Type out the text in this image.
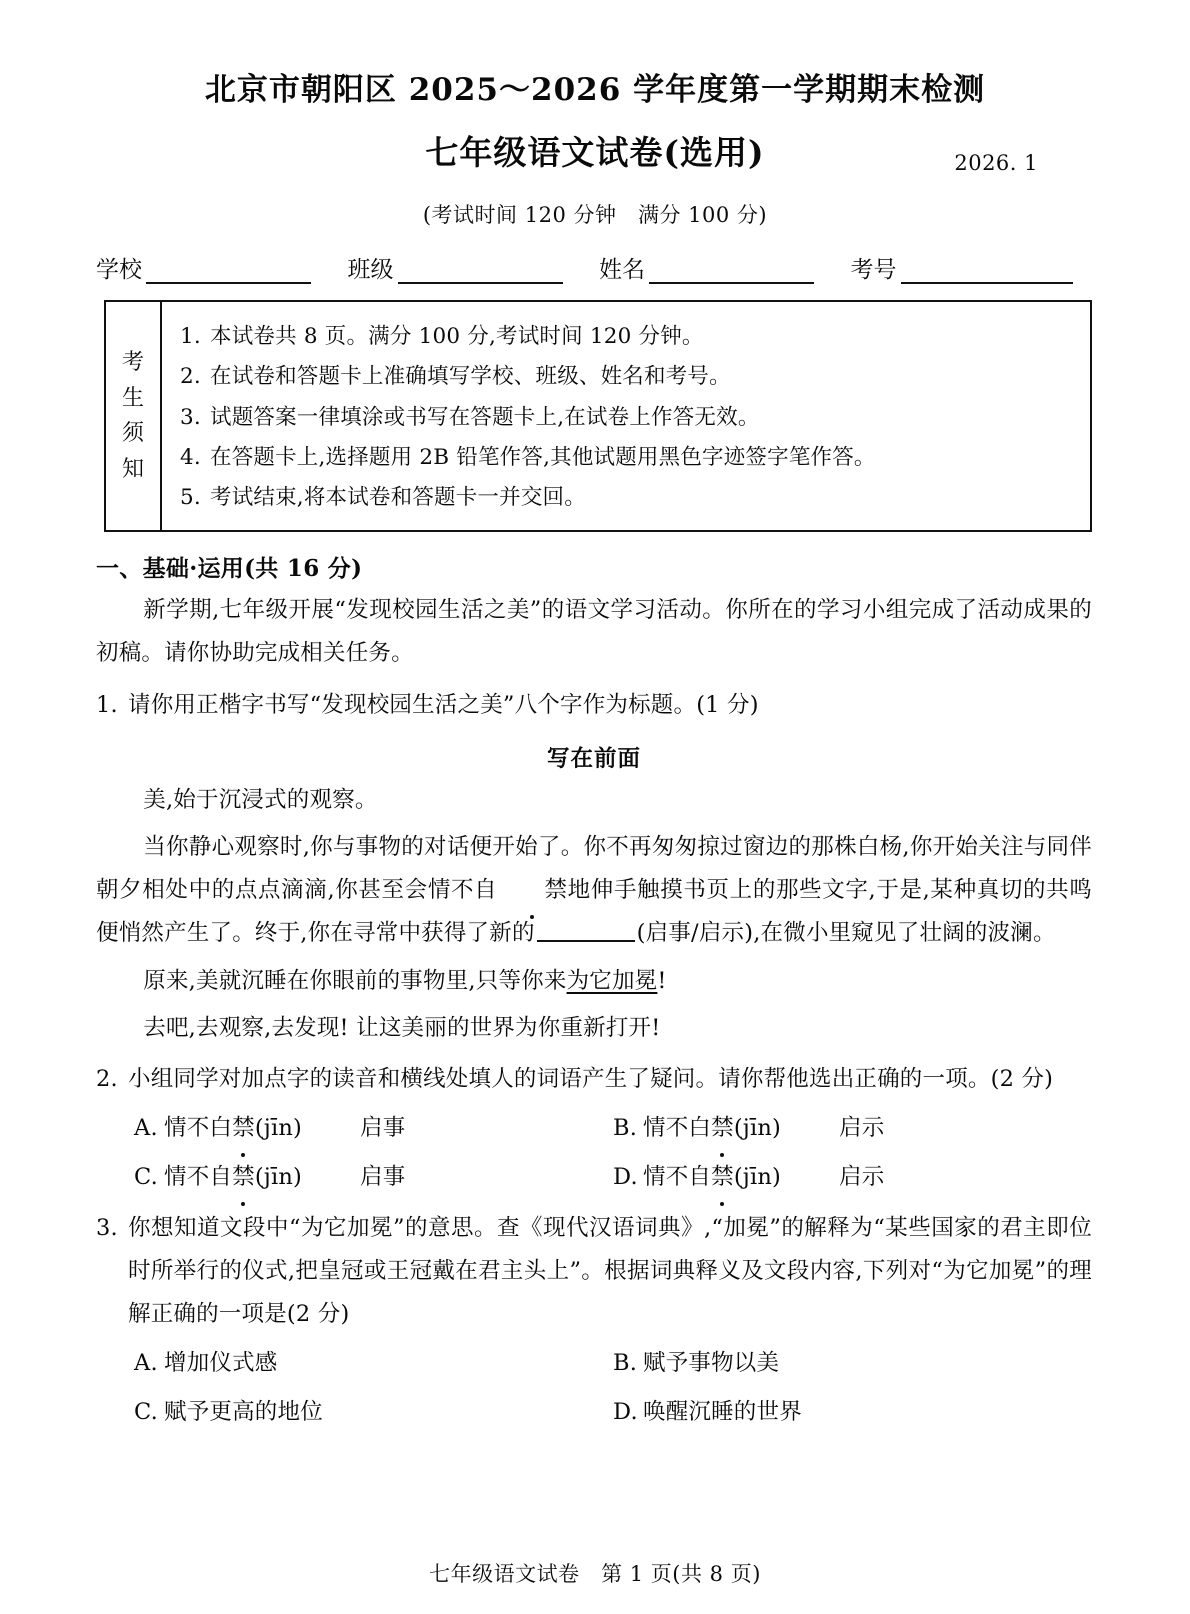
北京市朝阳区 2025～2026 学年度第一学期期末检测
七年级语文试卷(选用)	2026. 1
(考试时间 120 分钟　满分 100 分)
学校	班级	姓名	考号
考
生
须
知
1. 本试卷共 8 页。满分 100 分,考试时间 120 分钟。
2. 在试卷和答题卡上准确填写学校、班级、姓名和考号。
3. 试题答案一律填涂或书写在答题卡上,在试卷上作答无效。
4. 在答题卡上,选择题用 2B 铅笔作答,其他试题用黑色字迹签字笔作答。
5. 考试结束,将本试卷和答题卡一并交回。
一、基础·运用(共 16 分)
新学期,七年级开展“发现校园生活之美”的语文学习活动。你所在的学习小组完成了活动成果的初稿。请你协助完成相关任务。
1. 请你用正楷字书写“发现校园生活之美”八个字作为标题。(1 分)
写在前面
美,始于沉浸式的观察。
当你静心观察时,你与事物的对话便开始了。你不再匆匆掠过窗边的那株白杨,你开始关注与同伴朝夕相处中的点点滴滴,你甚至会情不自 禁地伸手触摸书页上的那些文字,于是,某种真切的共鸣便悄然产生了。终于,你在寻常中获得了新的	(启事/启示),在微小里窥见了壮阔的波澜。
原来,美就沉睡在你眼前的事物里,只等你来为它加冕!
去吧,去观察,去发现! 让这美丽的世界为你重新打开!
2. 小组同学对加点字的读音和横线处填人的词语产生了疑问。请你帮他选出正确的一项。(2 分)
A. 情不白禁(jīn)	启事	B. 情不白禁(jīn)	启示
C. 情不自禁(jīn)	启事	D. 情不自禁(jīn)	启示
3. 你想知道文段中“为它加冕”的意思。查《现代汉语词典》,“加冕”的解释为“某些国家的君主即位时所举行的仪式,把皇冠或王冠戴在君主头上”。根据词典释义及文段内容,下列对“为它加冕”的理解正确的一项是(2 分)
A. 增加仪式感	B. 赋予事物以美
C. 赋予更高的地位	D. 唤醒沉睡的世界
七年级语文试卷　第 1 页(共 8 页)
